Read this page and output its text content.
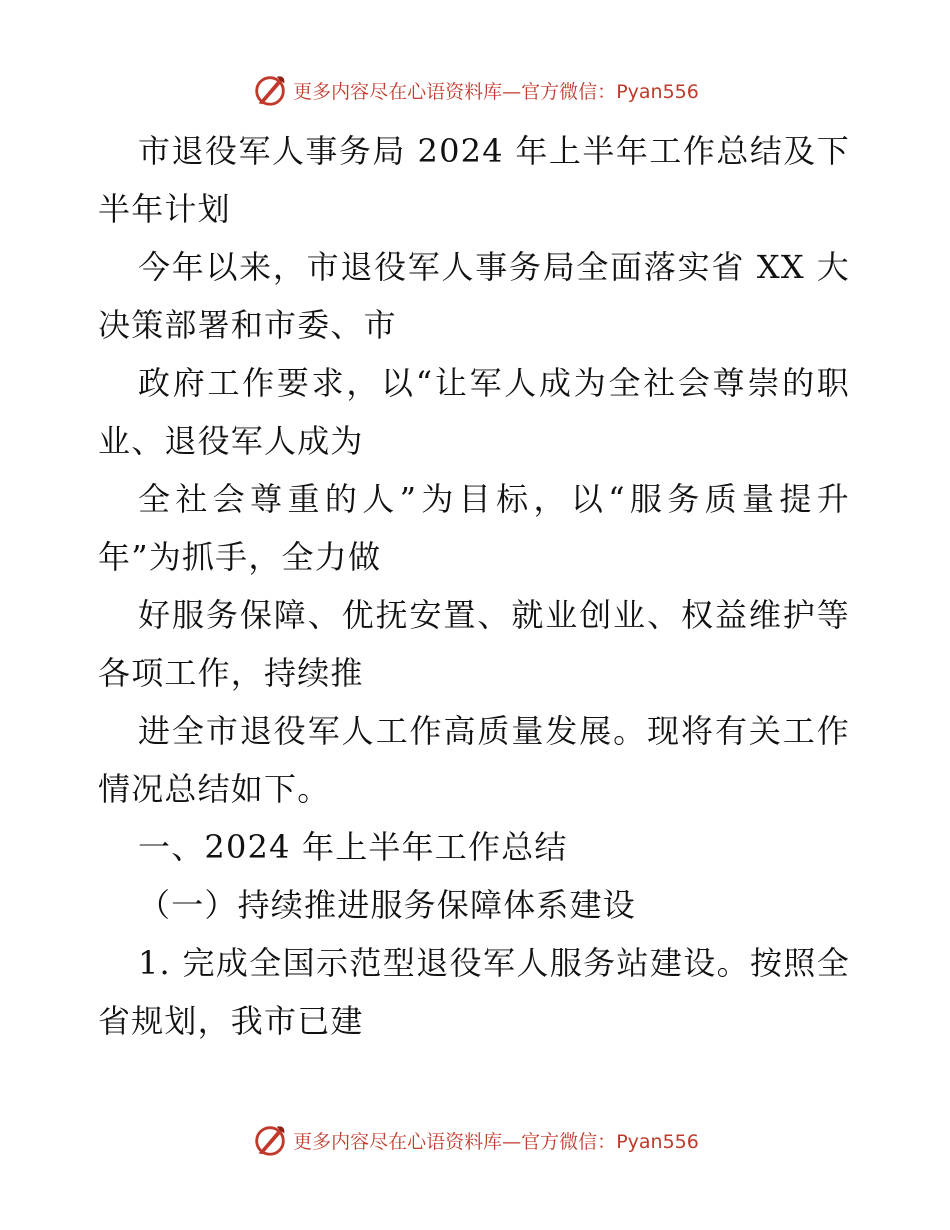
更多内容尽在心语资料库—官方微信：Pyan556

市退役军人事务局 2024 年上半年工作总结及下半年计划

今年以来，市退役军人事务局全面落实省 XX 大决策部署和市委、市

政府工作要求，以“让军人成为全社会尊崇的职业、退役军人成为

全社会尊重的人”为目标，以“服务质量提升年”为抓手，全力做

好服务保障、优抚安置、就业创业、权益维护等各项工作，持续推

进全市退役军人工作高质量发展。现将有关工作情况总结如下。

一、2024 年上半年工作总结

（一）持续推进服务保障体系建设

1. 完成全国示范型退役军人服务站建设。按照全省规划，我市已建

更多内容尽在心语资料库—官方微信：Pyan556
